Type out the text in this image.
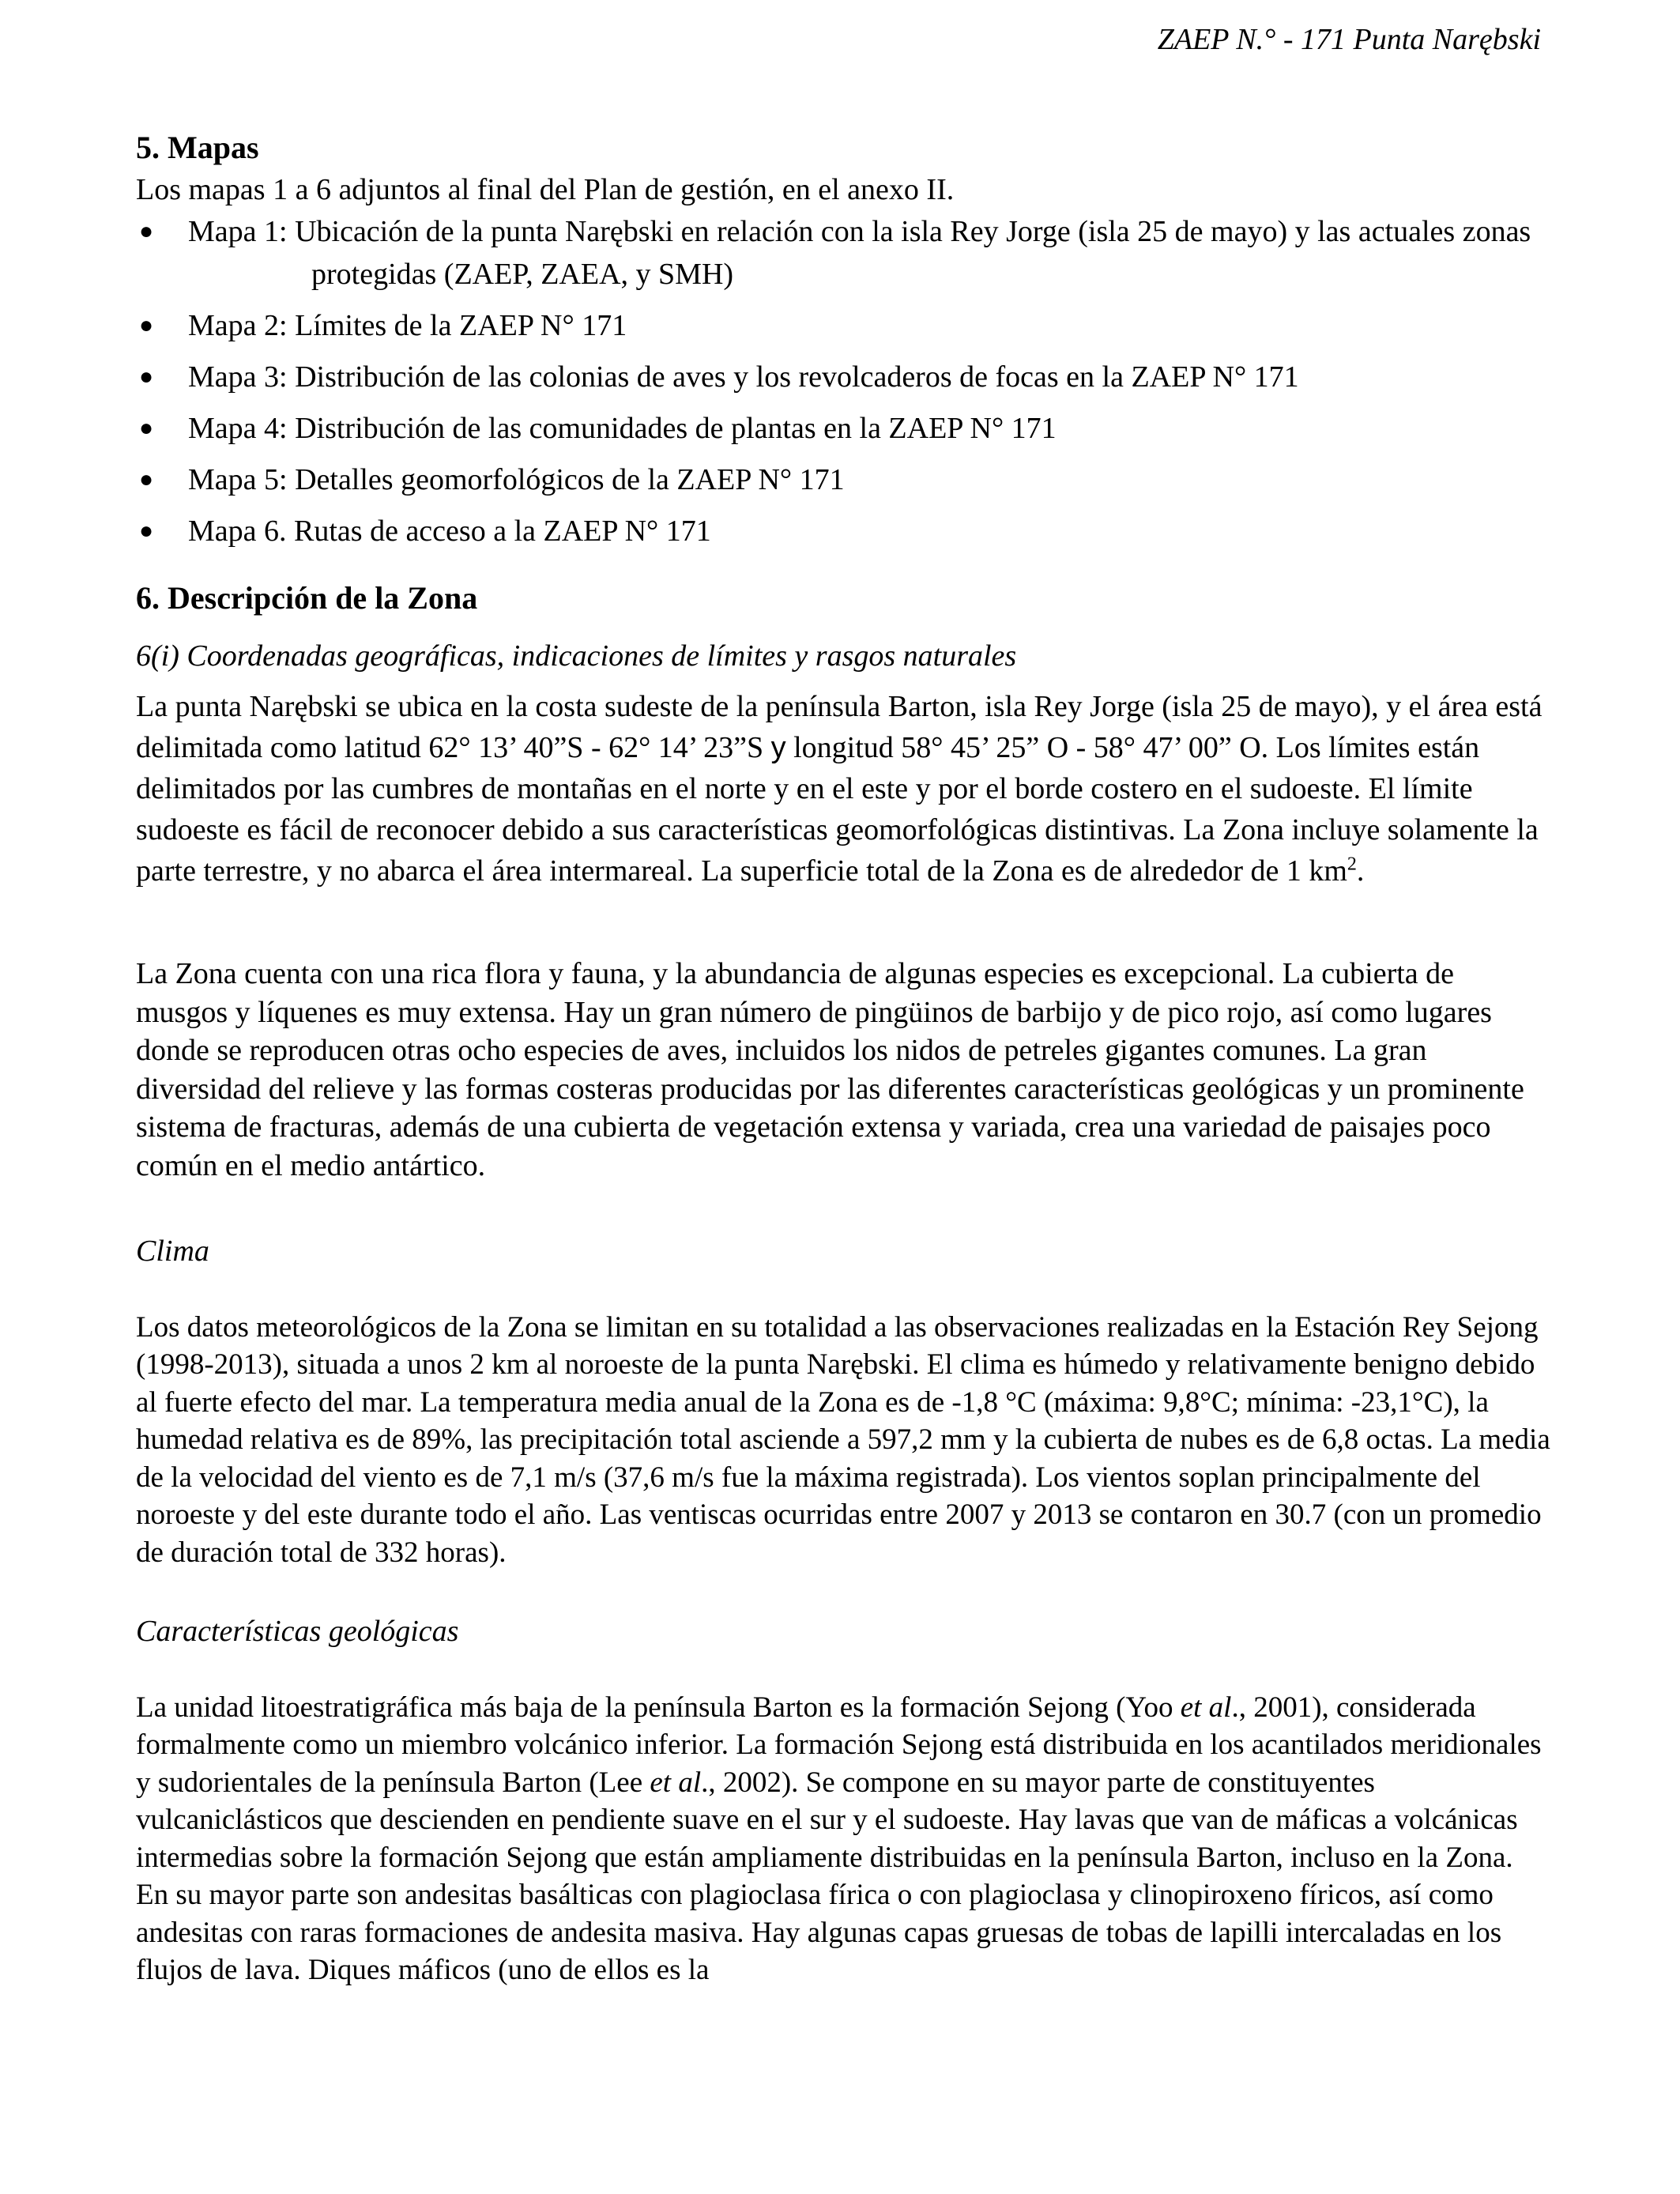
ZAEP N.° - 171 Punta Narębski
5. Mapas

Los mapas 1 a 6 adjuntos al final del Plan de gestión, en el anexo II.

● Mapa 1: Ubicación de la punta Narębski en relación con la isla Rey Jorge (isla 25 de mayo) y las actuales zonas
protegidas (ZAEP, ZAEA, y SMH)
● Mapa 2: Límites de la ZAEP N° 171
● Mapa 3: Distribución de las colonias de aves y los revolcaderos de focas en la ZAEP N° 171
● Mapa 4: Distribución de las comunidades de plantas en la ZAEP N° 171
● Mapa 5: Detalles geomorfológicos de la ZAEP N° 171
● Mapa 6. Rutas de acceso a la ZAEP N° 171
6. Descripción de la Zona

6(i) Coordenadas geográficas, indicaciones de límites y rasgos naturales

La punta Narębski se ubica en la costa sudeste de la península Barton, isla Rey Jorge (isla 25 de mayo), y el área está delimitada como latitud 62° 13’ 40”S - 62° 14’ 23”S y longitud 58° 45’ 25” O - 58° 47’ 00” O. Los límites están delimitados por las cumbres de montañas en el norte y en el este y por el borde costero en el sudoeste. El límite sudoeste es fácil de reconocer debido a sus características geomorfológicas distintivas. La Zona incluye solamente la parte terrestre, y no abarca el área intermareal. La superficie total de la Zona es de alrededor de 1 $km^2$.

La Zona cuenta con una rica flora y fauna, y la abundancia de algunas especies es excepcional. La cubierta de musgos y líquenes es muy extensa. Hay un gran número de pingüinos de barbijo y de pico rojo, así como lugares donde se reproducen otras ocho especies de aves, incluidos los nidos de petreles gigantes comunes. La gran diversidad del relieve y las formas costeras producidas por las diferentes características geológicas y un prominente sistema de fracturas, además de una cubierta de vegetación extensa y variada, crea una variedad de paisajes poco común en el medio antártico.

Clima

Los datos meteorológicos de la Zona se limitan en su totalidad a las observaciones realizadas en la Estación Rey Sejong (1998-2013), situada a unos 2 km al noroeste de la punta Narębski. El clima es húmedo y relativamente benigno debido al fuerte efecto del mar. La temperatura media anual de la Zona es de -1,8 °C (máxima: 9,8°C; mínima: -23,1°C), la humedad relativa es de 89%, las precipitación total asciende a 597,2 mm y la cubierta de nubes es de 6,8 octas. La media de la velocidad del viento es de 7,1 m/s (37,6 m/s fue la máxima registrada). Los vientos soplan principalmente del noroeste y del este durante todo el año. Las ventiscas ocurridas entre 2007 y 2013 se contaron en 30.7 (con un promedio de duración total de 332 horas).

Características geológicas

La unidad litoestratigráfica más baja de la península Barton es la formación Sejong (Yoo et al., 2001), considerada formalmente como un miembro volcánico inferior. La formación Sejong está distribuida en los acantilados meridionales y sudorientales de la península Barton (Lee et al., 2002). Se compone en su mayor parte de constituyentes vulcaniclásticos que descienden en pendiente suave en el sur y el sudoeste. Hay lavas que van de máficas a volcánicas intermedias sobre la formación Sejong que están ampliamente distribuidas en la península Barton, incluso en la Zona. En su mayor parte son andesitas basálticas con plagioclasa fírica o con plagioclasa y clinopiroxeno fíricos, así como andesitas con raras formaciones de andesita masiva. Hay algunas capas gruesas de tobas de lapilli intercaladas en los flujos de lava. Diques máficos (uno de ellos es la
